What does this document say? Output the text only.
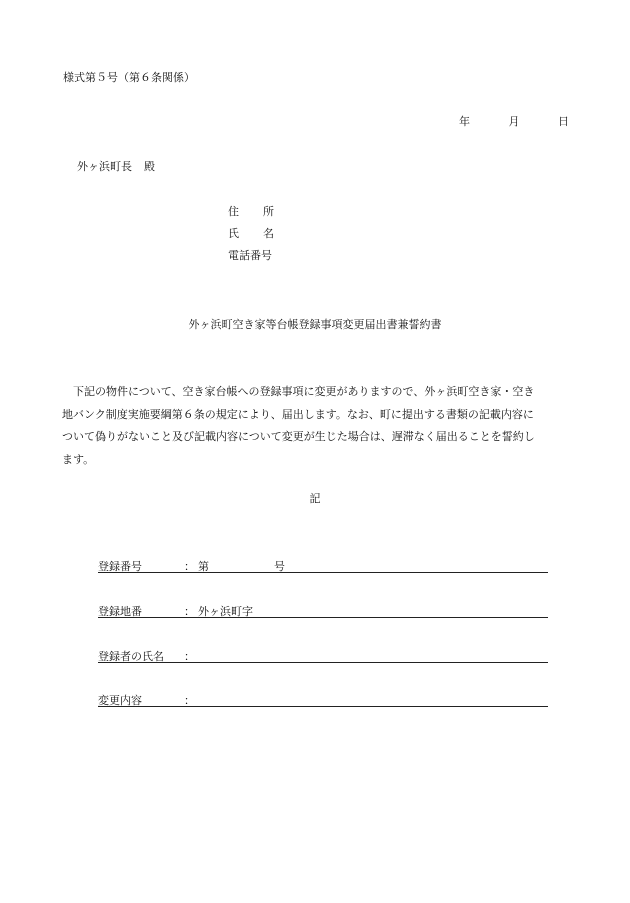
様式第５号（第６条関係）
年	月	日
外ヶ浜町長 殿
住 所
氏 名
電話番号
外ヶ浜町空き家等台帳登録事項変更届出書兼誓約書
下記の物件について、空き家台帳への登録事項に変更がありますので、外ヶ浜町空き家・空き
地バンク制度実施要綱第６条の規定により、届出します。なお、町に提出する書類の記載内容に
ついて偽りがないこと及び記載内容について変更が生じた場合は、遅滞なく届出ることを誓約し
ます。
記
登録番号	： 第	号
登録地番	： 外ヶ浜町字
登録者の氏名 ：
変更内容	：
